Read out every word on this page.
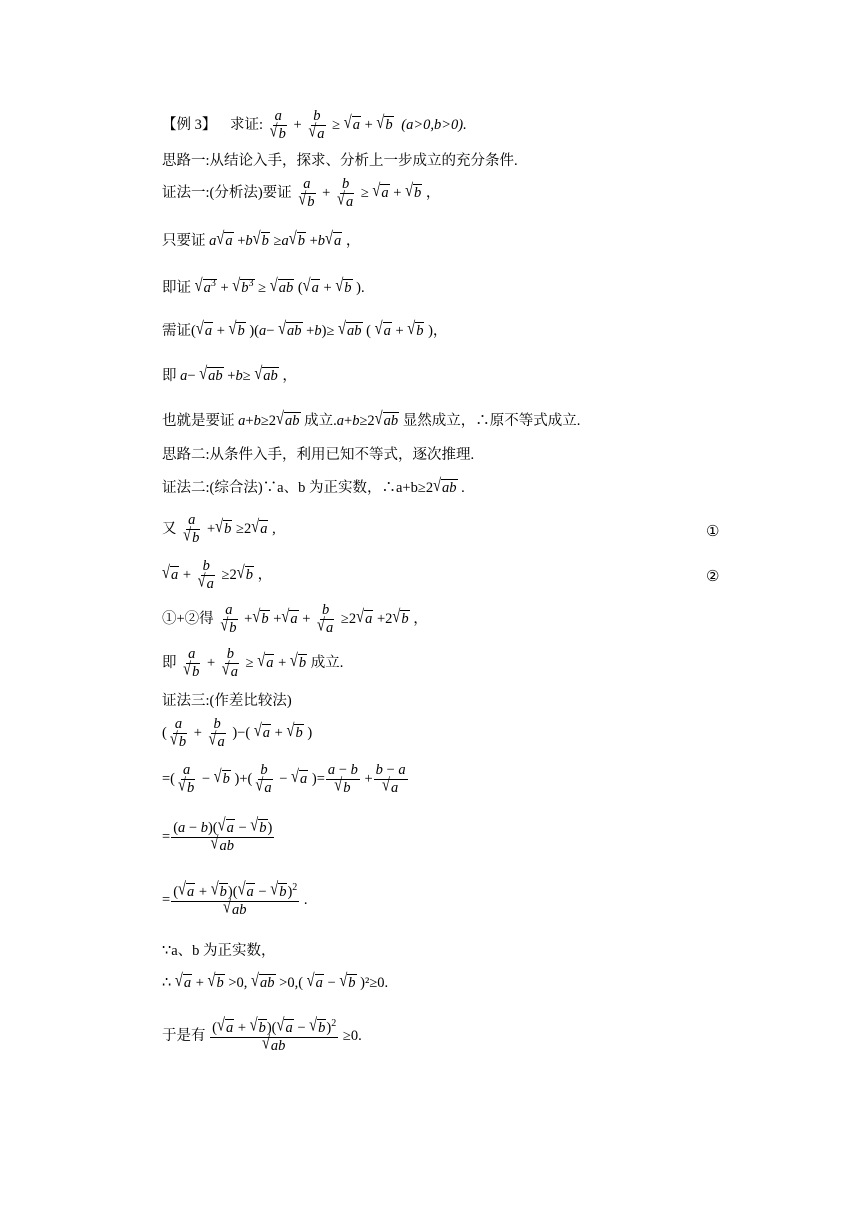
【例 3】 求证: $\frac{a}{√b} + \frac{b}{√a} \ge √a + √b$ (a>0,b>0).
思路一:从结论入手，探求、分析上一步成立的充分条件.
证法一:(分析法)要证 $\frac{a}{√b} + \frac{b}{√a} \ge √a + √b$ ，
只要证 a√a +b√b ≥a√b +b√a ，
即证 $√a^3 + √b^3 \ge √ab$ (√a + √b ).
需证(√a + √b )(a− √ab +b)≥ √ab ( √a + √b )，
即 a− √ab +b≥ √ab ，
也就是要证 a+b≥2√ab 成立.a+b≥2√ab 显然成立，∴原不等式成立.
思路二:从条件入手，利用已知不等式，逐次推理.
证法二:(综合法)∵a、b 为正实数，∴a+b≥2√ab .
又 $\frac{a}{√b} +√b \ge 2√a$ ,	①
$√a + \frac{b}{√a} \ge 2√b$ ，	②
①+②得 $\frac{a}{√b} +√b +√a + \frac{b}{√a} \ge 2√a +2√b$ ，
即 $\frac{a}{√b} + \frac{b}{√a} \ge √a + √b$ 成立.
证法三:(作差比较法)
( $\frac{a}{√b} + \frac{b}{√a}$ )−( √a + √b )
=( $\frac{a}{√b} - √b$ )+( $\frac{b}{√a} - √a$ )= $\frac{a - b}{√b} + \frac{b - a}{√a}$
= $\frac{(a - b)(√a - √b)}{√ab}$
= $\frac{(√a + √b)(√a - √b)^2}{√ab}$ .
∵a、b 为正实数，
∴ √a + √b >0, √ab >0,( √a − √b )²≥0.
于是有 $\frac{(√a + √b)(√a - √b)^2}{√ab} \ge 0$.
